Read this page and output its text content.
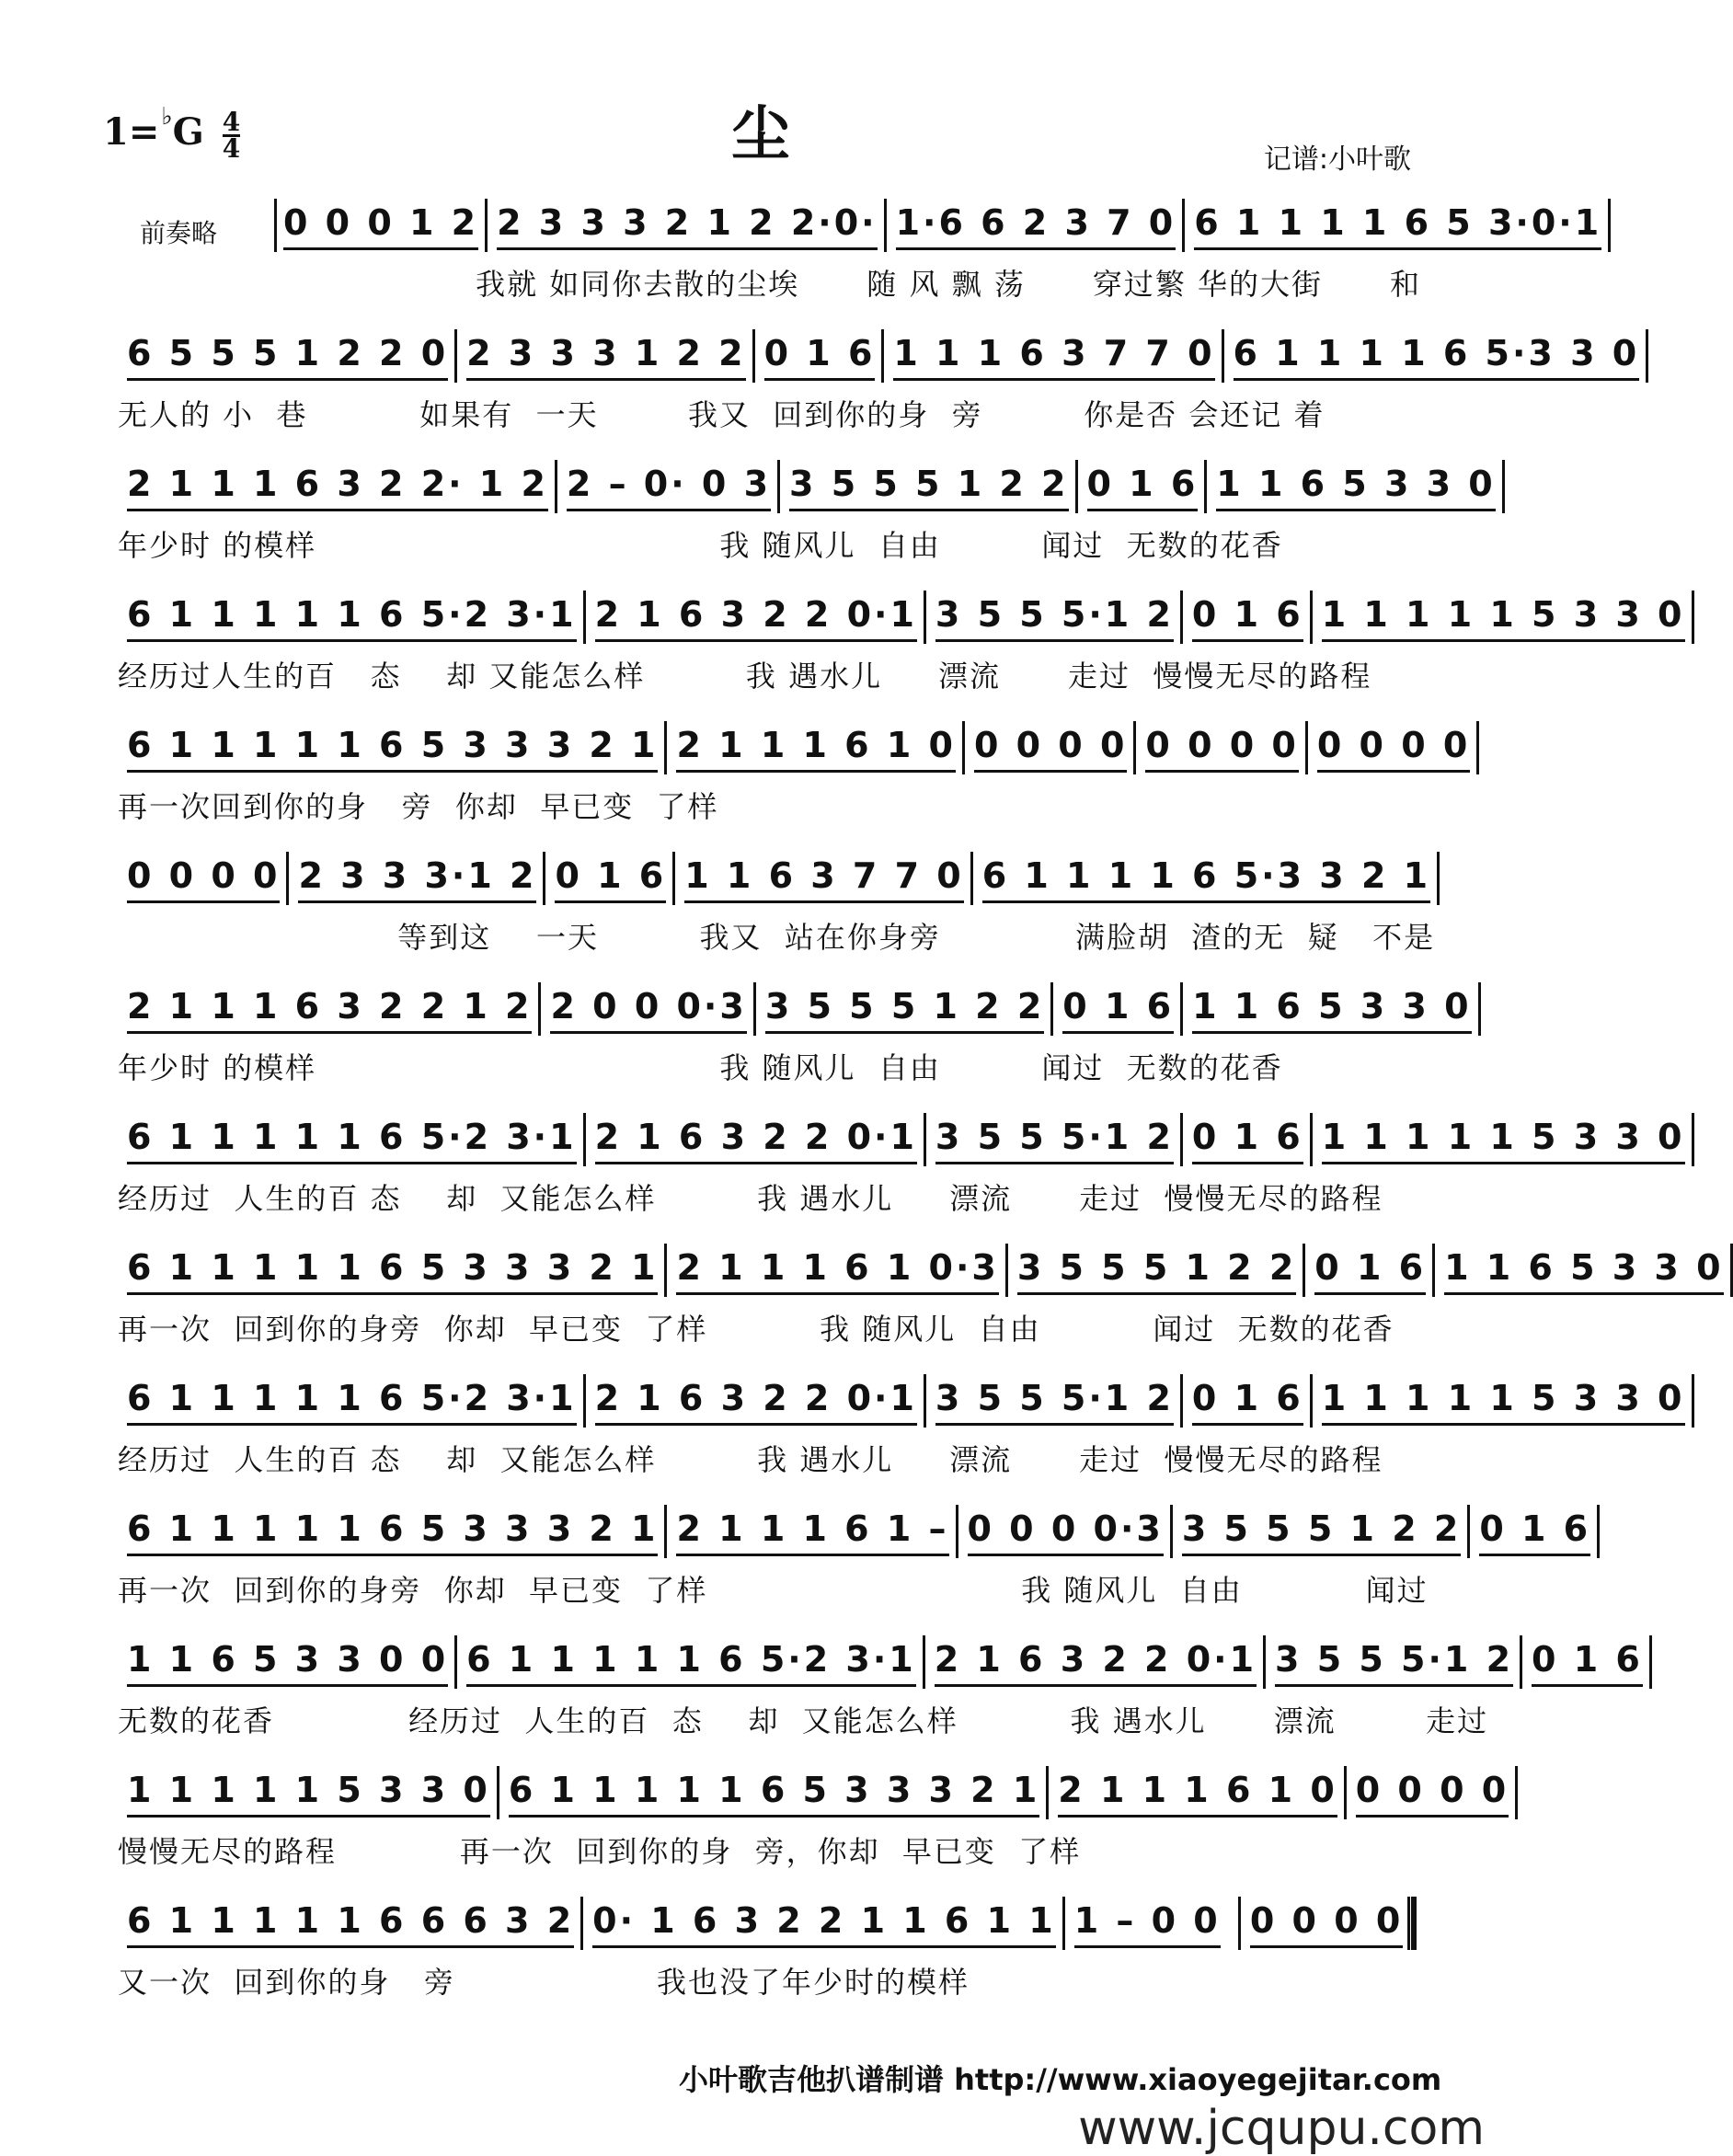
$1=^♭G \frac{4}{4}$	尘	记谱:小叶歌
前奏略 0 0 0 1 2 2 3 3 3 2 1 2 2·0· 1·6 6 2 3 7 0 6 1 1 1 1 6 5 3·0·1
我就 如同你去散的尘埃      随 风 飘 荡      穿过繁 华的大街      和
6 5 5 5 1 2 2 0 2 3 3 3 1 2 2 0 1 6 1 1 1 6 3 7 7 0 6 1 1 1 1 6 5·3 3 0
无人的 小  巷          如果有  一天        我又  回到你的身  旁         你是否 会还记 着
2 1 1 1 6 3 2 2· 1 2 2 – 0· 0 3 3 5 5 5 1 2 2 0 1 6 1 1 6 5 3 3 0
年少时 的模样                                    我 随风儿  自由         闻过  无数的花香
6 1 1 1 1 1 6 5·2 3·1 2 1 6 3 2 2 0·1 3 5 5 5·1 2 0 1 6 1 1 1 1 1 5 3 3 0
经历过人生的百   态    却 又能怎么样         我 遇水儿     漂流      走过  慢慢无尽的路程
6 1 1 1 1 1 6 5 3 3 3 2 1 2 1 1 1 6 1 0 0 0 0 0 0 0 0 0 0 0 0 0
再一次回到你的身   旁  你却  早已变  了样
0 0 0 0 2 3 3 3·1 2 0 1 6 1 1 6 3 7 7 0 6 1 1 1 1 6 5·3 3 2 1
等到这    一天         我又  站在你身旁            满脸胡  渣的无  疑   不是
2 1 1 1 6 3 2 2 1 2 2 0 0 0·3 3 5 5 5 1 2 2 0 1 6 1 1 6 5 3 3 0
年少时 的模样                                    我 随风儿  自由         闻过  无数的花香
6 1 1 1 1 1 6 5·2 3·1 2 1 6 3 2 2 0·1 3 5 5 5·1 2 0 1 6 1 1 1 1 1 5 3 3 0
经历过  人生的百 态    却  又能怎么样         我 遇水儿     漂流      走过  慢慢无尽的路程
6 1 1 1 1 1 6 5 3 3 3 2 1 2 1 1 1 6 1 0·3 3 5 5 5 1 2 2 0 1 6 1 1 6 5 3 3 0
再一次  回到你的身旁  你却  早已变  了样          我 随风儿  自由          闻过  无数的花香
6 1 1 1 1 1 6 5·2 3·1 2 1 6 3 2 2 0·1 3 5 5 5·1 2 0 1 6 1 1 1 1 1 5 3 3 0
经历过  人生的百 态    却  又能怎么样         我 遇水儿     漂流      走过  慢慢无尽的路程
6 1 1 1 1 1 6 5 3 3 3 2 1 2 1 1 1 6 1 – 0 0 0 0·3 3 5 5 5 1 2 2 0 1 6
再一次  回到你的身旁  你却  早已变  了样                            我 随风儿  自由           闻过
1 1 6 5 3 3 0 0 6 1 1 1 1 1 6 5·2 3·1 2 1 6 3 2 2 0·1 3 5 5 5·1 2 0 1 6
无数的花香            经历过  人生的百  态    却  又能怎么样          我 遇水儿      漂流        走过
1 1 1 1 1 5 3 3 0 6 1 1 1 1 1 6 5 3 3 3 2 1 2 1 1 1 6 1 0 0 0 0 0
慢慢无尽的路程           再一次  回到你的身  旁，你却  早已变  了样
6 1 1 1 1 1 6 6 6 3 2 0· 1 6 3 2 2 1 1 6 1 1 1 – 0 0 0 0 0 0
又一次  回到你的身   旁                  我也没了年少时的模样
小叶歌吉他扒谱制谱 http://www.xiaoyegejitar.com
www.jcqupu.com
